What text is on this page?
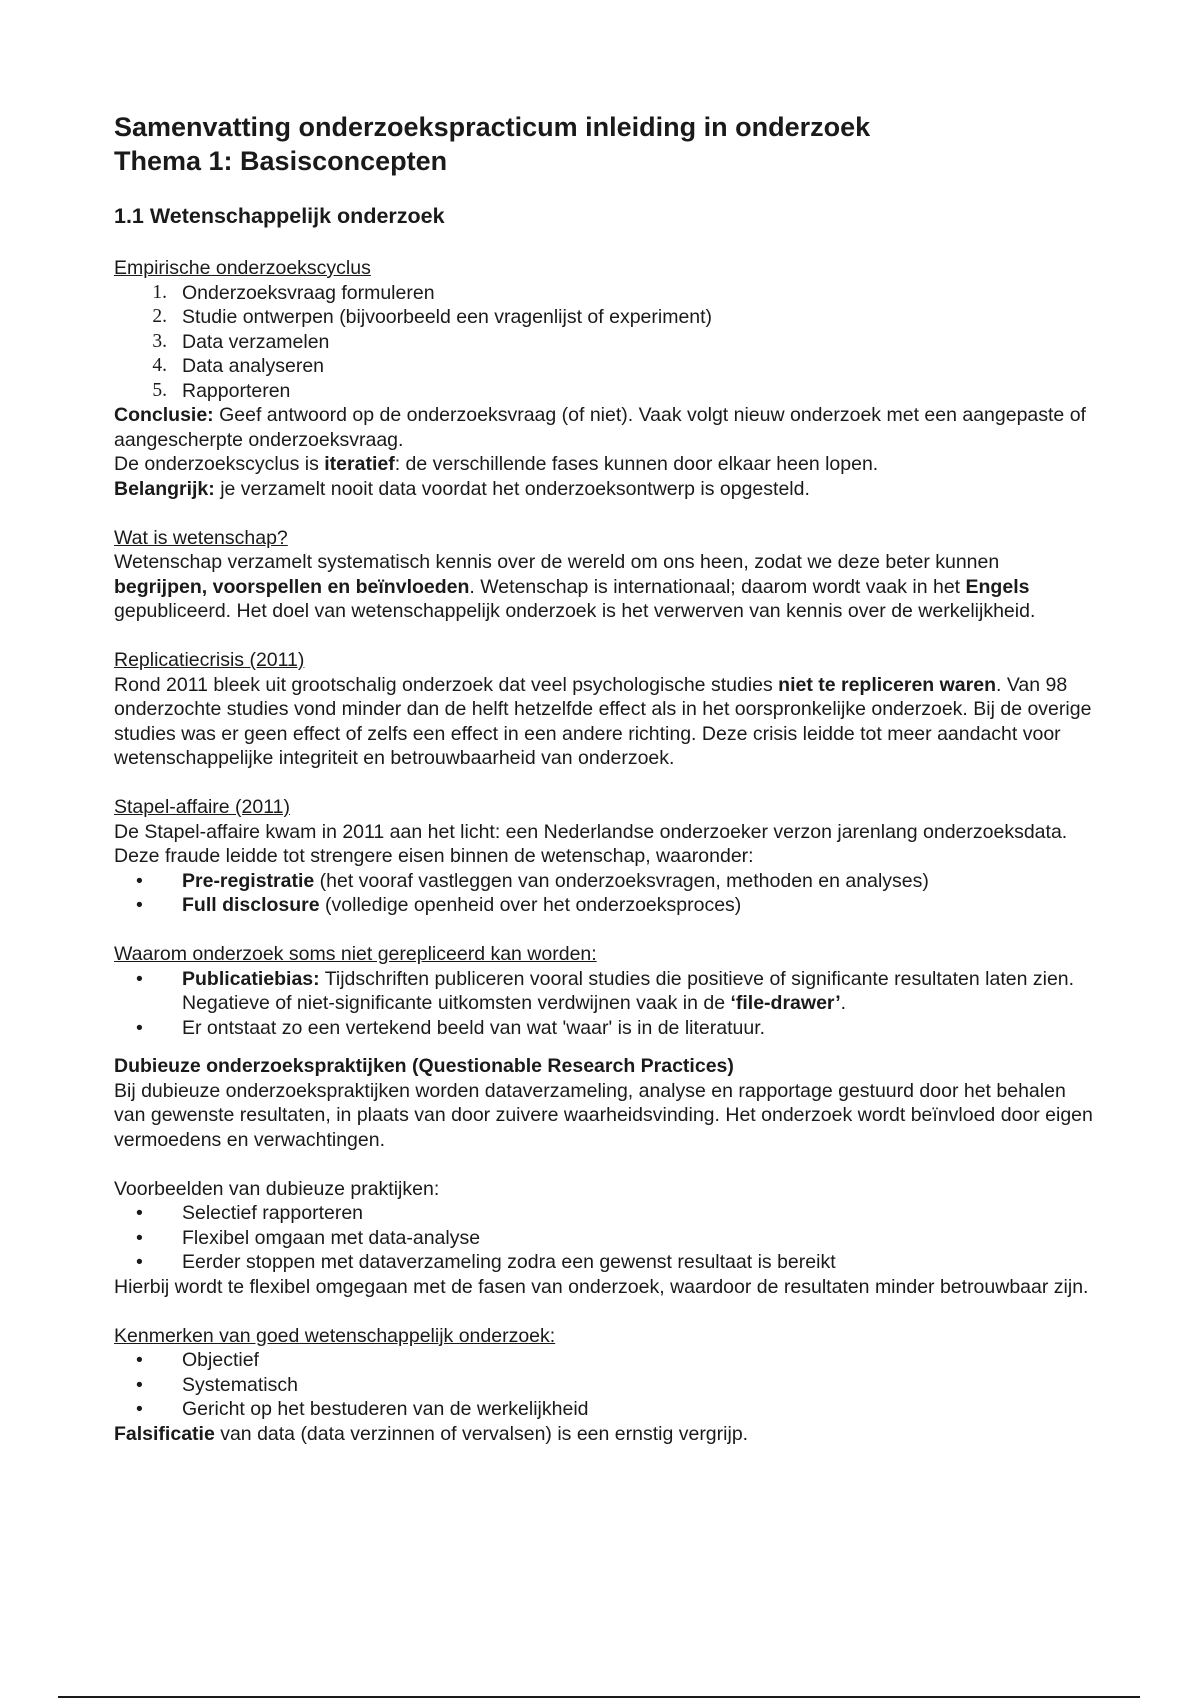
Samenvatting onderzoekspracticum inleiding in onderzoek
Thema 1: Basisconcepten
1.1 Wetenschappelijk onderzoek

Empirische onderzoekscyclus

1. Onderzoeksvraag formuleren
2. Studie ontwerpen (bijvoorbeeld een vragenlijst of experiment)
3. Data verzamelen
4. Data analyseren
5. Rapporteren

Conclusie: Geef antwoord op de onderzoeksvraag (of niet). Vaak volgt nieuw onderzoek met een aangepaste of aangescherpte onderzoeksvraag.

De onderzoekscyclus is iteratief: de verschillende fases kunnen door elkaar heen lopen.

Belangrijk: je verzamelt nooit data voordat het onderzoeksontwerp is opgesteld.

Wat is wetenschap?

Wetenschap verzamelt systematisch kennis over de wereld om ons heen, zodat we deze beter kunnen begrijpen, voorspellen en beïnvloeden. Wetenschap is internationaal; daarom wordt vaak in het Engels gepubliceerd. Het doel van wetenschappelijk onderzoek is het verwerven van kennis over de werkelijkheid.

Replicatiecrisis (2011)

Rond 2011 bleek uit grootschalig onderzoek dat veel psychologische studies niet te repliceren waren. Van 98 onderzochte studies vond minder dan de helft hetzelfde effect als in het oorspronkelijke onderzoek. Bij de overige studies was er geen effect of zelfs een effect in een andere richting. Deze crisis leidde tot meer aandacht voor wetenschappelijke integriteit en betrouwbaarheid van onderzoek.

Stapel-affaire (2011)

De Stapel-affaire kwam in 2011 aan het licht: een Nederlandse onderzoeker verzon jarenlang onderzoeksdata. Deze fraude leidde tot strengere eisen binnen de wetenschap, waaronder:

• Pre-registratie (het vooraf vastleggen van onderzoeksvragen, methoden en analyses)
• Full disclosure (volledige openheid over het onderzoeksproces)

Waarom onderzoek soms niet gerepliceerd kan worden:

• Publicatiebias: Tijdschriften publiceren vooral studies die positieve of significante resultaten laten zien. Negatieve of niet-significante uitkomsten verdwijnen vaak in de ‘file-drawer’.
• Er ontstaat zo een vertekend beeld van wat 'waar' is in de literatuur.

Dubieuze onderzoekspraktijken (Questionable Research Practices)

Bij dubieuze onderzoekspraktijken worden dataverzameling, analyse en rapportage gestuurd door het behalen van gewenste resultaten, in plaats van door zuivere waarheidsvinding. Het onderzoek wordt beïnvloed door eigen vermoedens en verwachtingen.

Voorbeelden van dubieuze praktijken:

• Selectief rapporteren
• Flexibel omgaan met data-analyse
• Eerder stoppen met dataverzameling zodra een gewenst resultaat is bereikt

Hierbij wordt te flexibel omgegaan met de fasen van onderzoek, waardoor de resultaten minder betrouwbaar zijn.

Kenmerken van goed wetenschappelijk onderzoek:

• Objectief
• Systematisch
• Gericht op het bestuderen van de werkelijkheid

Falsificatie van data (data verzinnen of vervalsen) is een ernstig vergrijp.
